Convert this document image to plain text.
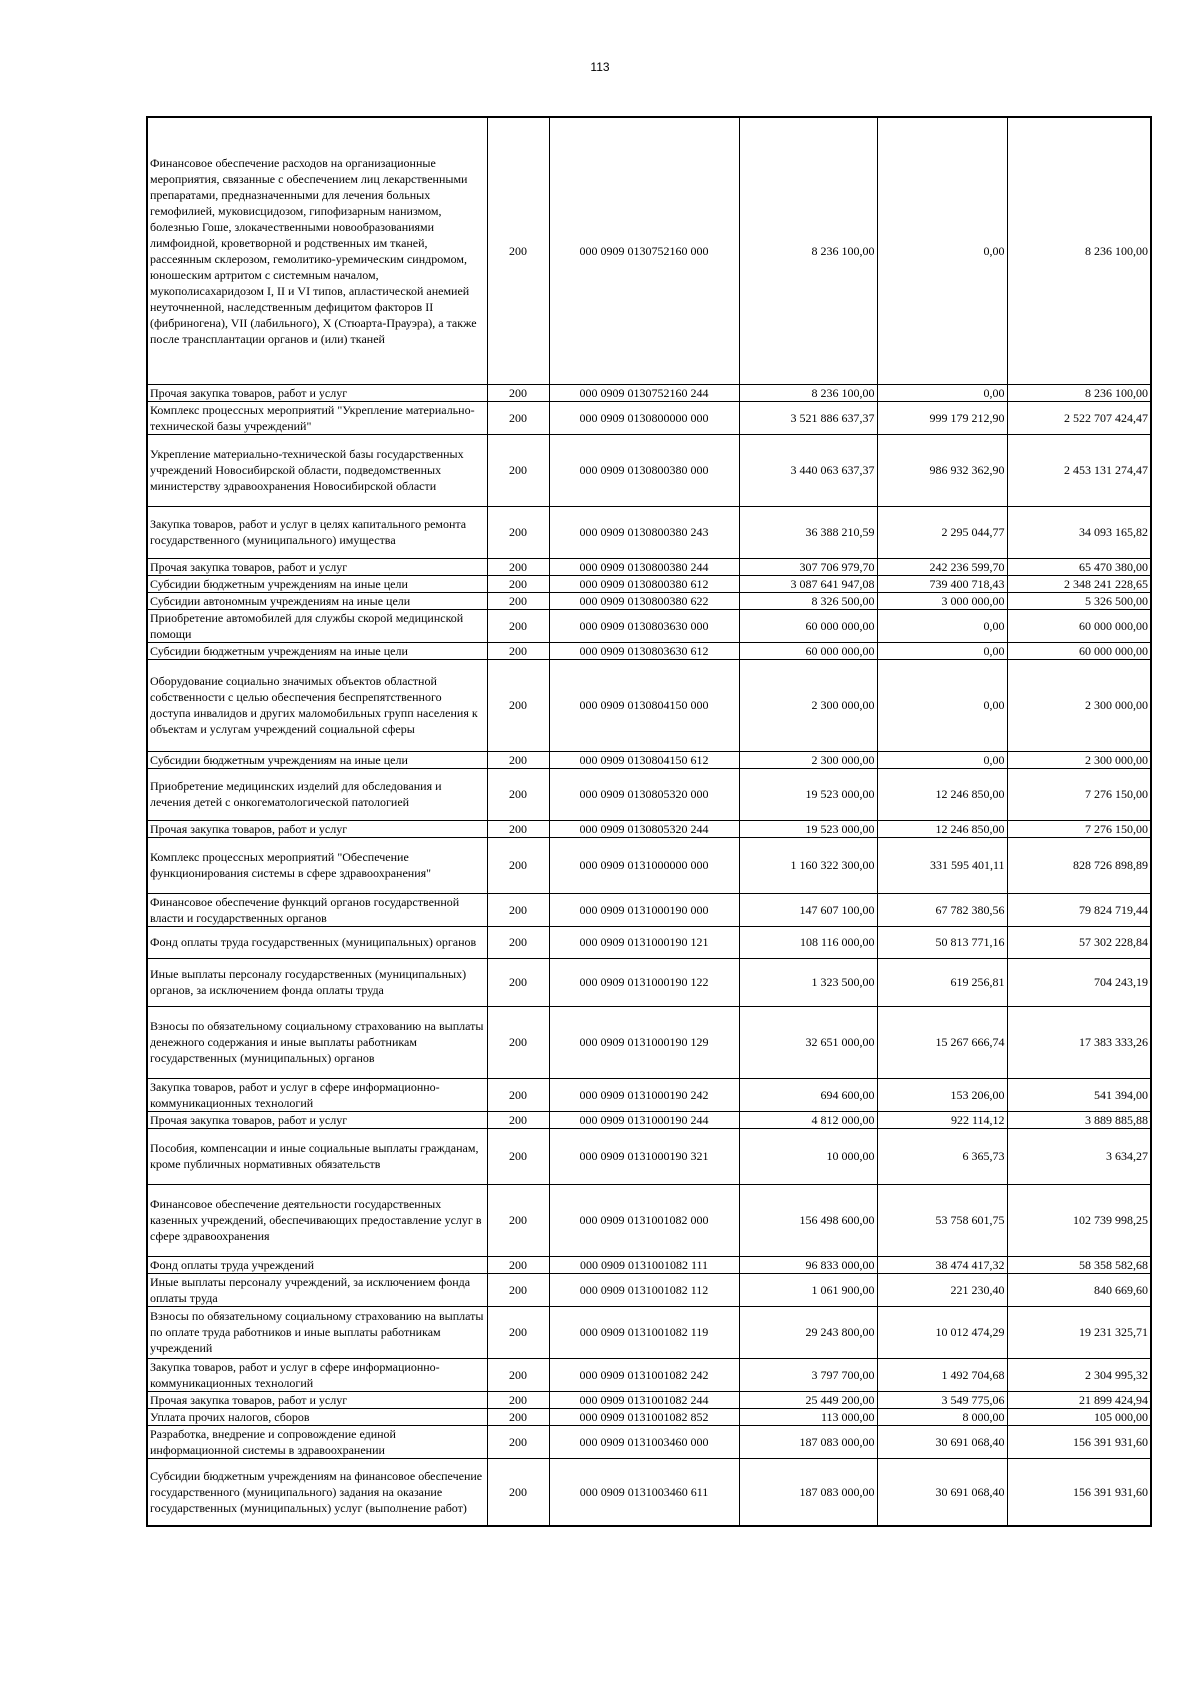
113
Финансовое обеспечение расходов на организационные мероприятия, связанные с обеспечением лиц лекарственными препаратами, предназначенными для лечения больных гемофилией, муковисцидозом, гипофизарным нанизмом, болезнью Гоше, злокачественными новообразованиями лимфоидной, кроветворной и родственных им тканей, рассеянным склерозом, гемолитико-уремическим синдромом, юношеским артритом с системным началом, мукополисахаридозом I, II и VI типов, апластической анемией неуточненной, наследственным дефицитом факторов II (фибриногена), VII (лабильного), X (Стюарта-Прауэра), а также после трансплантации органов и (или) тканей	200	000 0909 0130752160 000	8 236 100,00	0,00	8 236 100,00
Прочая закупка товаров, работ и услуг	200	000 0909 0130752160 244	8 236 100,00	0,00	8 236 100,00
Комплекс процессных мероприятий "Укрепление материально-технической базы учреждений"	200	000 0909 0130800000 000	3 521 886 637,37	999 179 212,90	2 522 707 424,47
Укрепление материально-технической базы государственных учреждений Новосибирской области, подведомственных министерству здравоохранения Новосибирской области	200	000 0909 0130800380 000	3 440 063 637,37	986 932 362,90	2 453 131 274,47
Закупка товаров, работ и услуг в целях капитального ремонта государственного (муниципального) имущества	200	000 0909 0130800380 243	36 388 210,59	2 295 044,77	34 093 165,82
Прочая закупка товаров, работ и услуг	200	000 0909 0130800380 244	307 706 979,70	242 236 599,70	65 470 380,00
Субсидии бюджетным учреждениям на иные цели	200	000 0909 0130800380 612	3 087 641 947,08	739 400 718,43	2 348 241 228,65
Субсидии автономным учреждениям на иные цели	200	000 0909 0130800380 622	8 326 500,00	3 000 000,00	5 326 500,00
Приобретение автомобилей для службы скорой медицинской помощи	200	000 0909 0130803630 000	60 000 000,00	0,00	60 000 000,00
Субсидии бюджетным учреждениям на иные цели	200	000 0909 0130803630 612	60 000 000,00	0,00	60 000 000,00
Оборудование социально значимых объектов областной собственности с целью обеспечения беспрепятственного доступа инвалидов и других маломобильных групп населения к объектам и услугам учреждений социальной сферы	200	000 0909 0130804150 000	2 300 000,00	0,00	2 300 000,00
Субсидии бюджетным учреждениям на иные цели	200	000 0909 0130804150 612	2 300 000,00	0,00	2 300 000,00
Приобретение медицинских изделий для обследования и лечения детей с онкогематологической патологией	200	000 0909 0130805320 000	19 523 000,00	12 246 850,00	7 276 150,00
Прочая закупка товаров, работ и услуг	200	000 0909 0130805320 244	19 523 000,00	12 246 850,00	7 276 150,00
Комплекс процессных мероприятий "Обеспечение функционирования системы в сфере здравоохранения"	200	000 0909 0131000000 000	1 160 322 300,00	331 595 401,11	828 726 898,89
Финансовое обеспечение функций органов государственной власти и государственных органов	200	000 0909 0131000190 000	147 607 100,00	67 782 380,56	79 824 719,44
Фонд оплаты труда государственных (муниципальных) органов	200	000 0909 0131000190 121	108 116 000,00	50 813 771,16	57 302 228,84
Иные выплаты персоналу государственных (муниципальных) органов, за исключением фонда оплаты труда	200	000 0909 0131000190 122	1 323 500,00	619 256,81	704 243,19
Взносы по обязательному социальному страхованию на выплаты денежного содержания и иные выплаты работникам государственных (муниципальных) органов	200	000 0909 0131000190 129	32 651 000,00	15 267 666,74	17 383 333,26
Закупка товаров, работ и услуг в сфере информационно-коммуникационных технологий	200	000 0909 0131000190 242	694 600,00	153 206,00	541 394,00
Прочая закупка товаров, работ и услуг	200	000 0909 0131000190 244	4 812 000,00	922 114,12	3 889 885,88
Пособия, компенсации и иные социальные выплаты гражданам, кроме публичных нормативных обязательств	200	000 0909 0131000190 321	10 000,00	6 365,73	3 634,27
Финансовое обеспечение деятельности государственных казенных учреждений, обеспечивающих предоставление услуг в сфере здравоохранения	200	000 0909 0131001082 000	156 498 600,00	53 758 601,75	102 739 998,25
Фонд оплаты труда учреждений	200	000 0909 0131001082 111	96 833 000,00	38 474 417,32	58 358 582,68
Иные выплаты персоналу учреждений, за исключением фонда оплаты труда	200	000 0909 0131001082 112	1 061 900,00	221 230,40	840 669,60
Взносы по обязательному социальному страхованию на выплаты по оплате труда работников и иные выплаты работникам учреждений	200	000 0909 0131001082 119	29 243 800,00	10 012 474,29	19 231 325,71
Закупка товаров, работ и услуг в сфере информационно-коммуникационных технологий	200	000 0909 0131001082 242	3 797 700,00	1 492 704,68	2 304 995,32
Прочая закупка товаров, работ и услуг	200	000 0909 0131001082 244	25 449 200,00	3 549 775,06	21 899 424,94
Уплата прочих налогов, сборов	200	000 0909 0131001082 852	113 000,00	8 000,00	105 000,00
Разработка, внедрение и сопровождение единой информационной системы в здравоохранении	200	000 0909 0131003460 000	187 083 000,00	30 691 068,40	156 391 931,60
Субсидии бюджетным учреждениям на финансовое обеспечение государственного (муниципального) задания на оказание государственных (муниципальных) услуг (выполнение работ)	200	000 0909 0131003460 611	187 083 000,00	30 691 068,40	156 391 931,60
